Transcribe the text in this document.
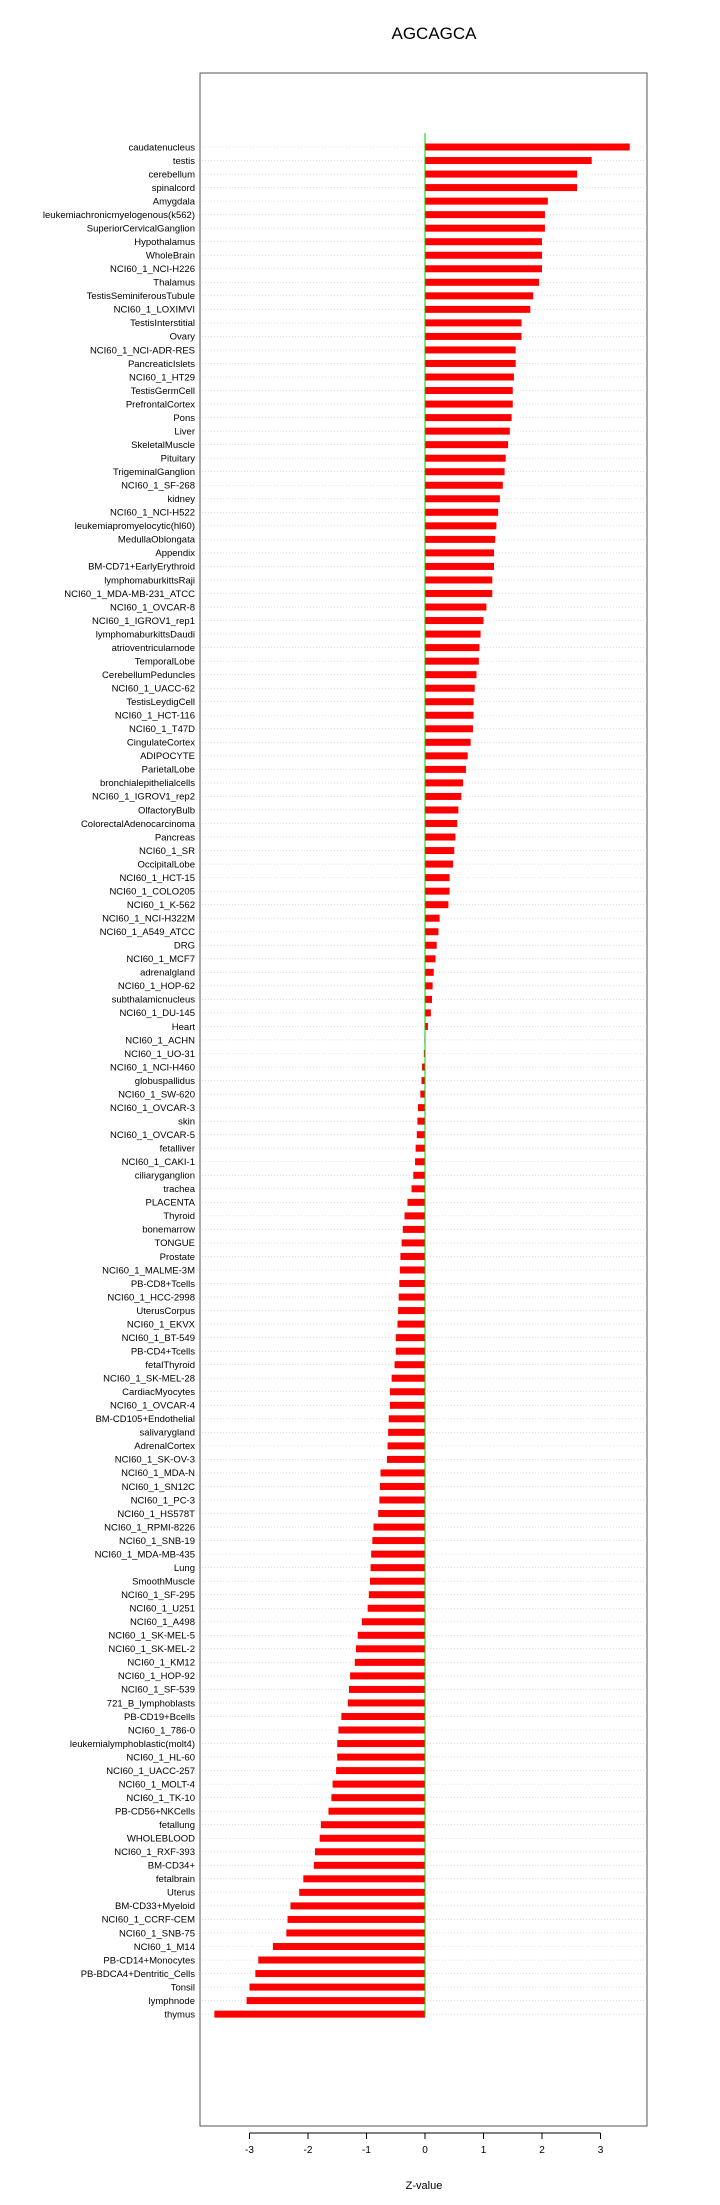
AGCAGCA
caudatenucleus
testis
cerebellum
spinalcord
Amygdala
leukemiachronicmyelogenous(k562)
SuperiorCervicalGanglion
Hypothalamus
WholeBrain
NCI60_1_NCI-H226
Thalamus
TestisSeminiferousTubule
NCI60_1_LOXIMVI
TestisInterstitial
Ovary
NCI60_1_NCI-ADR-RES
PancreaticIslets
NCI60_1_HT29
TestisGermCell
PrefrontalCortex
Pons
Liver
SkeletalMuscle
Pituitary
TrigeminalGanglion
NCI60_1_SF-268
kidney
NCI60_1_NCI-H522
leukemiapromyelocytic(hl60)
MedullaOblongata
Appendix
BM-CD71+EarlyErythroid
lymphomaburkittsRaji
NCI60_1_MDA-MB-231_ATCC
NCI60_1_OVCAR-8
NCI60_1_IGROV1_rep1
lymphomaburkittsDaudi
atrioventricularnode
TemporalLobe
CerebellumPeduncles
NCI60_1_UACC-62
TestisLeydigCell
NCI60_1_HCT-116
NCI60_1_T47D
CingulateCortex
ADIPOCYTE
ParietalLobe
bronchialepithelialcells
NCI60_1_IGROV1_rep2
OlfactoryBulb
ColorectalAdenocarcinoma
Pancreas
NCI60_1_SR
OccipitalLobe
NCI60_1_HCT-15
NCI60_1_COLO205
NCI60_1_K-562
NCI60_1_NCI-H322M
NCI60_1_A549_ATCC
DRG
NCI60_1_MCF7
adrenalgland
NCI60_1_HOP-62
subthalamicnucleus
NCI60_1_DU-145
Heart
NCI60_1_ACHN
NCI60_1_UO-31
NCI60_1_NCI-H460
globuspallidus
NCI60_1_SW-620
NCI60_1_OVCAR-3
skin
NCI60_1_OVCAR-5
fetalliver
NCI60_1_CAKI-1
ciliaryganglion
trachea
PLACENTA
Thyroid
bonemarrow
TONGUE
Prostate
NCI60_1_MALME-3M
PB-CD8+Tcells
NCI60_1_HCC-2998
UterusCorpus
NCI60_1_EKVX
NCI60_1_BT-549
PB-CD4+Tcells
fetalThyroid
NCI60_1_SK-MEL-28
CardiacMyocytes
NCI60_1_OVCAR-4
BM-CD105+Endothelial
salivarygland
AdrenalCortex
NCI60_1_SK-OV-3
NCI60_1_MDA-N
NCI60_1_SN12C
NCI60_1_PC-3
NCI60_1_HS578T
NCI60_1_RPMI-8226
NCI60_1_SNB-19
NCI60_1_MDA-MB-435
Lung
SmoothMuscle
NCI60_1_SF-295
NCI60_1_U251
NCI60_1_A498
NCI60_1_SK-MEL-5
NCI60_1_SK-MEL-2
NCI60_1_KM12
NCI60_1_HOP-92
NCI60_1_SF-539
721_B_lymphoblasts
PB-CD19+Bcells
NCI60_1_786-0
leukemialymphoblastic(molt4)
NCI60_1_HL-60
NCI60_1_UACC-257
NCI60_1_MOLT-4
NCI60_1_TK-10
PB-CD56+NKCells
fetallung
WHOLEBLOOD
NCI60_1_RXF-393
BM-CD34+
fetalbrain
Uterus
BM-CD33+Myeloid
NCI60_1_CCRF-CEM
NCI60_1_SNB-75
NCI60_1_M14
PB-CD14+Monocytes
PB-BDCA4+Dentritic_Cells
Tonsil
lymphnode
thymus
-3	-2	-1	0	1	2	3
Z-value
